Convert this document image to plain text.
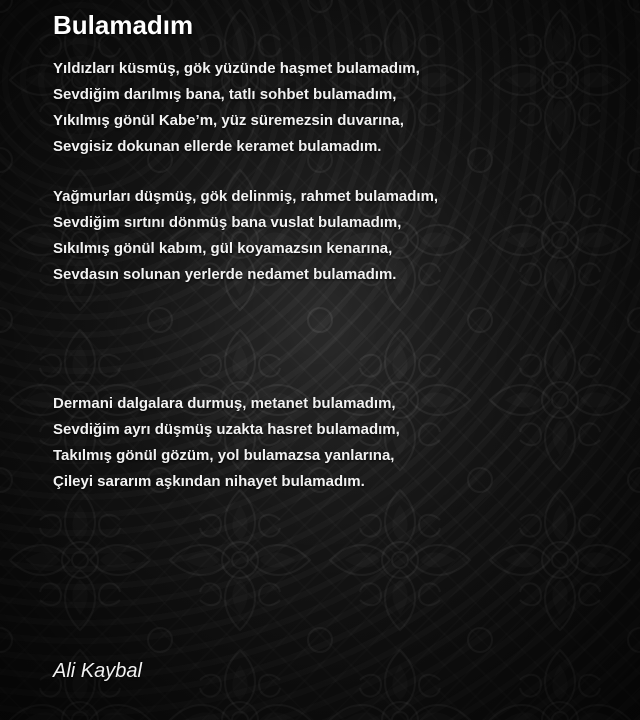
Bulamadım
Yıldızları küsmüş, gök yüzünde haşmet bulamadım,
Sevdiğim darılmış bana, tatlı sohbet bulamadım,
Yıkılmış gönül Kabe’m, yüz süremezsin duvarına,
Sevgisiz dokunan ellerde keramet bulamadım.
Yağmurları düşmüş, gök delinmiş, rahmet bulamadım,
Sevdiğim sırtını dönmüş bana vuslat bulamadım,
Sıkılmış gönül kabım, gül koyamazsın kenarına,
Sevdasın solunan yerlerde nedamet bulamadım.
Dermani dalgalara durmuş, metanet bulamadım,
Sevdiğim ayrı düşmüş uzakta hasret bulamadım,
Takılmış gönül gözüm, yol bulamazsa yanlarına,
Çileyi sararım aşkından nihayet bulamadım.
Ali Kaybal
